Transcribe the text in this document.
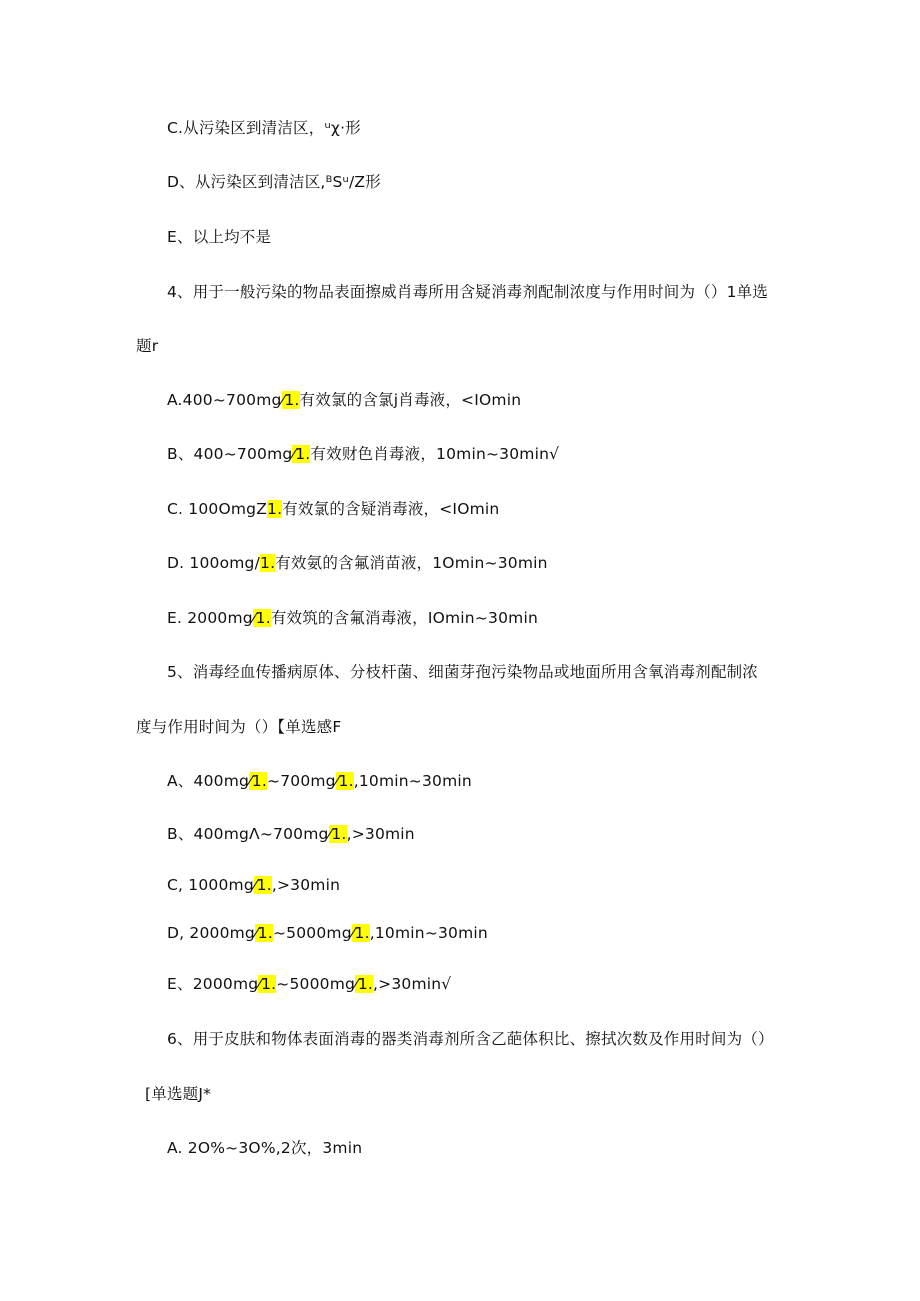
C.从污染区到清洁区，ᵘχ·形
D、从污染区到清洁区,ᴮSᵘ/Z形
E、以上均不是
4、用于一般污染的物品表面擦威肖毒所用含疑消毒剂配制浓度与作用时间为（）1单选
题r
A.400~700mg⁄1.有效氯的含氯j肖毒液，<IOmin
B、400~700mg⁄1.有效财色肖毒液，10min~30min√
C. 100OmgZ1.有效氯的含疑消毒液，<IOmin
D. 100omg/1.有效氨的含氟消苗液，1Omin~30min
E. 2000mg⁄1.有效筑的含氟消毒液，IOmin~30min
5、消毒经血传播病原体、分枝杆菌、细菌芽孢污染物品或地面所用含氧消毒剂配制浓
度与作用时间为（）【单选感F
A、400mg⁄1.~700mg⁄1.,10min~30min
B、400mgΛ~700mg⁄1.,>30min
C, 1000mg⁄1.,>30min
D, 2000mg⁄1.~5000mg⁄1.,10min~30min
E、2000mg⁄1.~5000mg⁄1.,>30min√
6、用于皮肤和物体表面消毒的器类消毒剂所含乙葩体积比、擦拭次数及作用时间为（）
[单选题J*
A. 2O%~3O%,2次，3min
